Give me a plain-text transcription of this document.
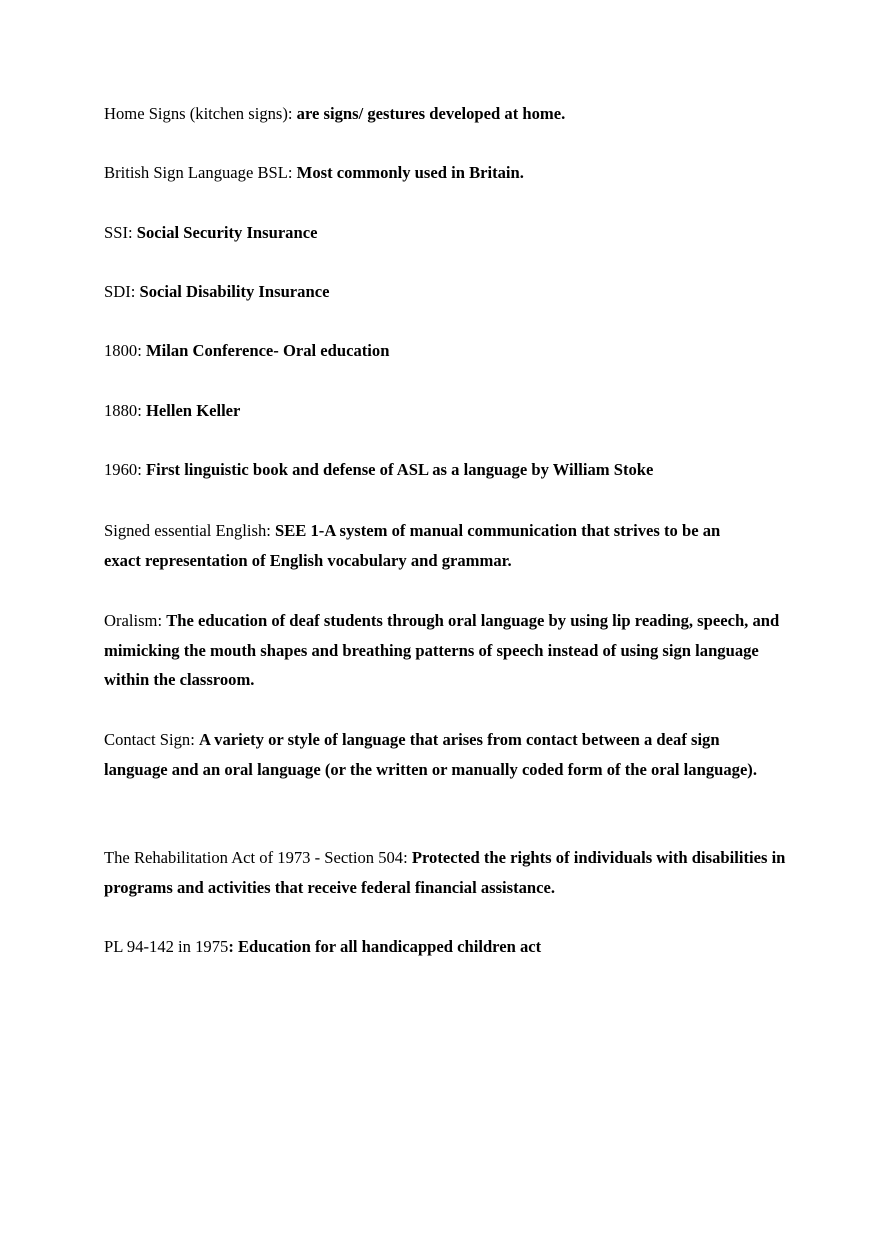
Home Signs (kitchen signs): are signs/ gestures developed at home.

British Sign Language BSL: Most commonly used in Britain.

SSI: Social Security Insurance

SDI: Social Disability Insurance

1800: Milan Conference- Oral education

1880: Hellen Keller

1960: First linguistic book and defense of ASL as a language by William Stoke

Signed essential English: SEE 1-A system of manual communication that strives to be an exact representation of English vocabulary and grammar.

Oralism: The education of deaf students through oral language by using lip reading, speech, and mimicking the mouth shapes and breathing patterns of speech instead of using sign language within the classroom.

Contact Sign: A variety or style of language that arises from contact between a deaf sign language and an oral language (or the written or manually coded form of the oral language).

The Rehabilitation Act of 1973 - Section 504: Protected the rights of individuals with disabilities in programs and activities that receive federal financial assistance.

PL 94-142 in 1975: Education for all handicapped children act
